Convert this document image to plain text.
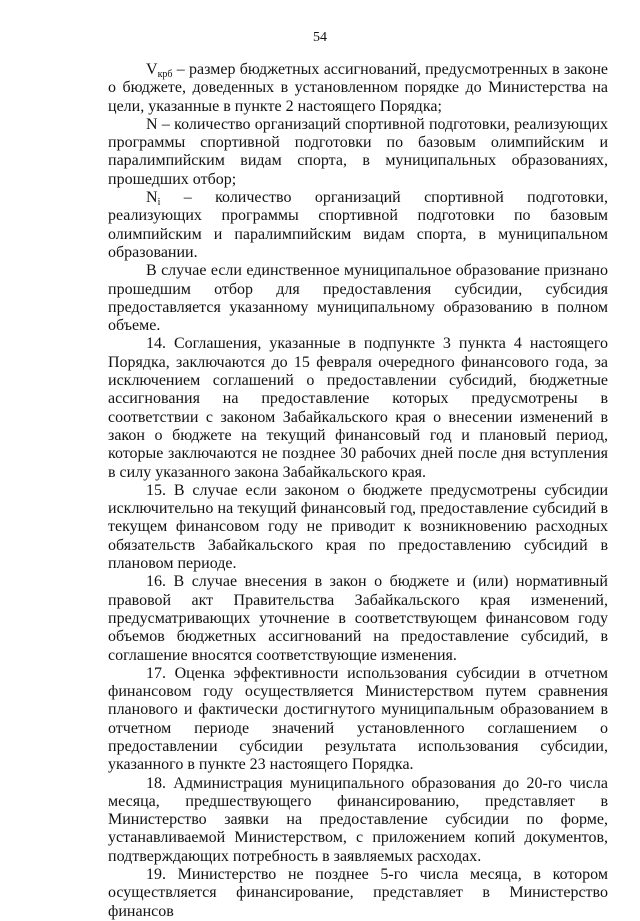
54

$V_{крб}$ – размер бюджетных ассигнований, предусмотренных в законе о бюджете, доведенных в установленном порядке до Министерства на цели, указанные в пункте 2 настоящего Порядка;

N – количество организаций спортивной подготовки, реализующих программы спортивной подготовки по базовым олимпийским и паралимпийским видам спорта, в муниципальных образованиях, прошедших отбор;

$N_i$ – количество организаций спортивной подготовки, реализующих программы спортивной подготовки по базовым олимпийским и паралимпийским видам спорта, в муниципальном образовании.

В случае если единственное муниципальное образование признано прошедшим отбор для предоставления субсидии, субсидия предоставляется указанному муниципальному образованию в полном объеме.

14. Соглашения, указанные в подпункте 3 пункта 4 настоящего Порядка, заключаются до 15 февраля очередного финансового года, за исключением соглашений о предоставлении субсидий, бюджетные ассигнования на предоставление которых предусмотрены в соответствии с законом Забайкальского края о внесении изменений в закон о бюджете на текущий финансовый год и плановый период, которые заключаются не позднее 30 рабочих дней после дня вступления в силу указанного закона Забайкальского края.

15. В случае если законом о бюджете предусмотрены субсидии исключительно на текущий финансовый год, предоставление субсидий в текущем финансовом году не приводит к возникновению расходных обязательств Забайкальского края по предоставлению субсидий в плановом периоде.

16. В случае внесения в закон о бюджете и (или) нормативный правовой акт Правительства Забайкальского края изменений, предусматривающих уточнение в соответствующем финансовом году объемов бюджетных ассигнований на предоставление субсидий, в соглашение вносятся соответствующие изменения.

17. Оценка эффективности использования субсидии в отчетном финансовом году осуществляется Министерством путем сравнения планового и фактически достигнутого муниципальным образованием в отчетном периоде значений установленного соглашением о предоставлении субсидии результата использования субсидии, указанного в пункте 23 настоящего Порядка.

18. Администрация муниципального образования до 20-го числа месяца, предшествующего финансированию, представляет в Министерство заявки на предоставление субсидии по форме, устанавливаемой Министерством, с приложением копий документов, подтверждающих потребность в заявляемых расходах.

19. Министерство не позднее 5-го числа месяца, в котором осуществляется финансирование, представляет в Министерство финансов
